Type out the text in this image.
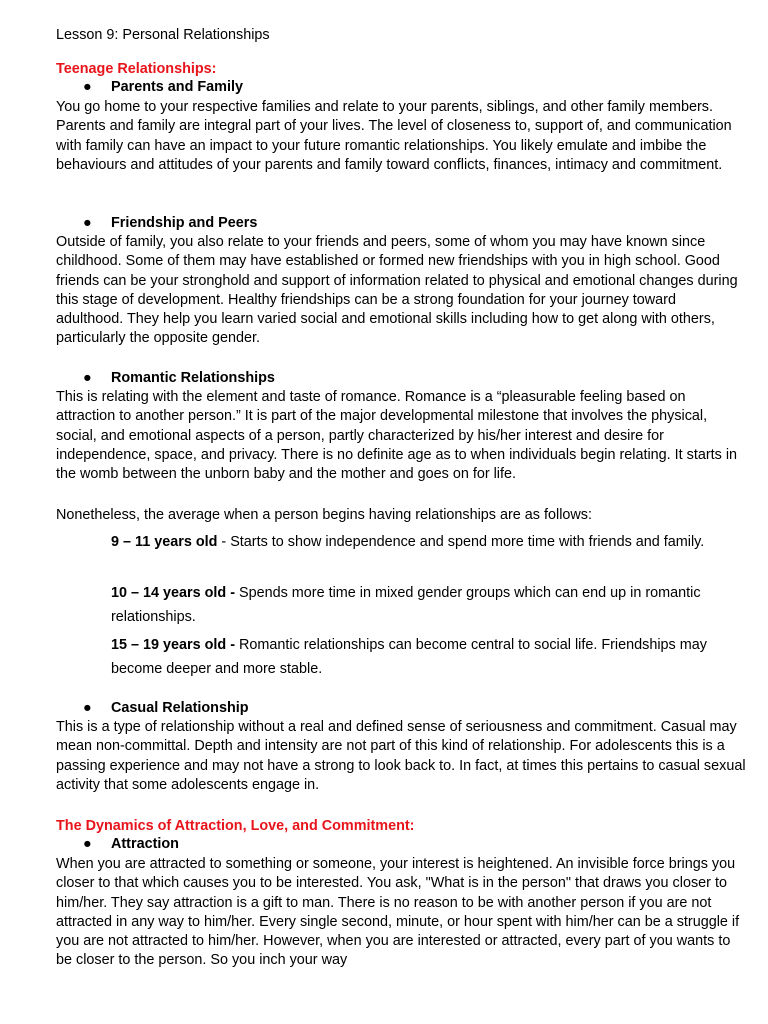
Lesson 9: Personal Relationships

Teenage Relationships:

● Parents and Family

You go home to your respective families and relate to your parents, siblings, and other family members. Parents and family are integral part of your lives. The level of closeness to, support of, and communication with family can have an impact to your future romantic relationships. You likely emulate and imbibe the behaviours and attitudes of your parents and family toward conflicts, finances, intimacy and commitment.

● Friendship and Peers

Outside of family, you also relate to your friends and peers, some of whom you may have known since childhood. Some of them may have established or formed new friendships with you in high school. Good friends can be your stronghold and support of information related to physical and emotional changes during this stage of development. Healthy friendships can be a strong foundation for your journey toward adulthood. They help you learn varied social and emotional skills including how to get along with others, particularly the opposite gender.

● Romantic Relationships

This is relating with the element and taste of romance. Romance is a “pleasurable feeling based on attraction to another person.” It is part of the major developmental milestone that involves the physical, social, and emotional aspects of a person, partly characterized by his/her interest and desire for independence, space, and privacy. There is no definite age as to when individuals begin relating. It starts in the womb between the unborn baby and the mother and goes on for life.

Nonetheless, the average when a person begins having relationships are as follows:

9 – 11 years old - Starts to show independence and spend more time with friends and family.
10 – 14 years old - Spends more time in mixed gender groups which can end up in romantic relationships.
15 – 19 years old - Romantic relationships can become central to social life. Friendships may become deeper and more stable.
● Casual Relationship

This is a type of relationship without a real and defined sense of seriousness and commitment. Casual may mean non-committal. Depth and intensity are not part of this kind of relationship. For adolescents this is a passing experience and may not have a strong to look back to. In fact, at times this pertains to casual sexual activity that some adolescents engage in.

The Dynamics of Attraction, Love, and Commitment:

● Attraction

When you are attracted to something or someone, your interest is heightened. An invisible force brings you closer to that which causes you to be interested. You ask, "What is in the person" that draws you closer to him/her. They say attraction is a gift to man. There is no reason to be with another person if you are not attracted in any way to him/her. Every single second, minute, or hour spent with him/her can be a struggle if you are not attracted to him/her. However, when you are interested or attracted, every part of you wants to be closer to the person. So you inch your way
